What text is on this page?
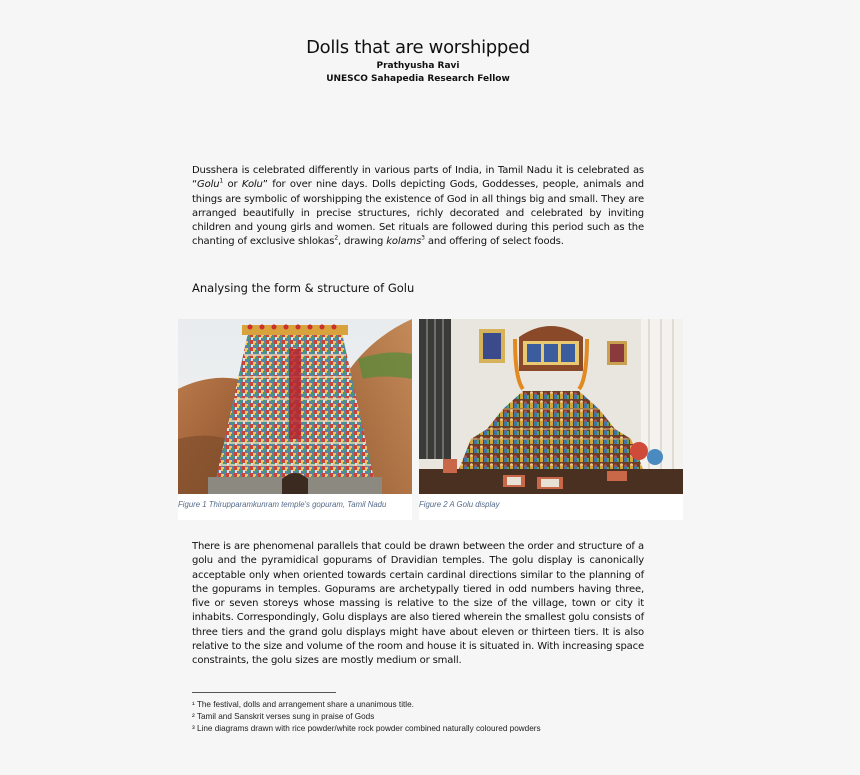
Dolls that are worshipped
Prathyusha Ravi
UNESCO Sahapedia Research Fellow
Dusshera is celebrated differently in various parts of India, in Tamil Nadu it is celebrated as “Golu$^1$ or Kolu” for over nine days. Dolls depicting Gods, Goddesses, people, animals and things are symbolic of worshipping the existence of God in all things big and small. They are arranged beautifully in precise structures, richly decorated and celebrated by inviting children and young girls and women. Set rituals are followed during this period such as the chanting of exclusive shlokas$^2$, drawing kolams$^3$ and offering of select foods.
Analysing the form & structure of Golu
Figure 1 Thirupparamkunram temple's gopuram, Tamil Nadu	Figure 2 A Golu display
There is are phenomenal parallels that could be drawn between the order and structure of a golu and the pyramidical gopurams of Dravidian temples. The golu display is canonically acceptable only when oriented towards certain cardinal directions similar to the planning of the gopurams in temples. Gopurams are archetypally tiered in odd numbers having three, five or seven storeys whose massing is relative to the size of the village, town or city it inhabits. Correspondingly, Golu displays are also tiered wherein the smallest golu consists of three tiers and the grand golu displays might have about eleven or thirteen tiers. It is also relative to the size and volume of the room and house it is situated in. With increasing space constraints, the golu sizes are mostly medium or small.
¹ The festival, dolls and arrangement share a unanimous title.
² Tamil and Sanskrit verses sung in praise of Gods
³ Line diagrams drawn with rice powder/white rock powder combined naturally coloured powders
